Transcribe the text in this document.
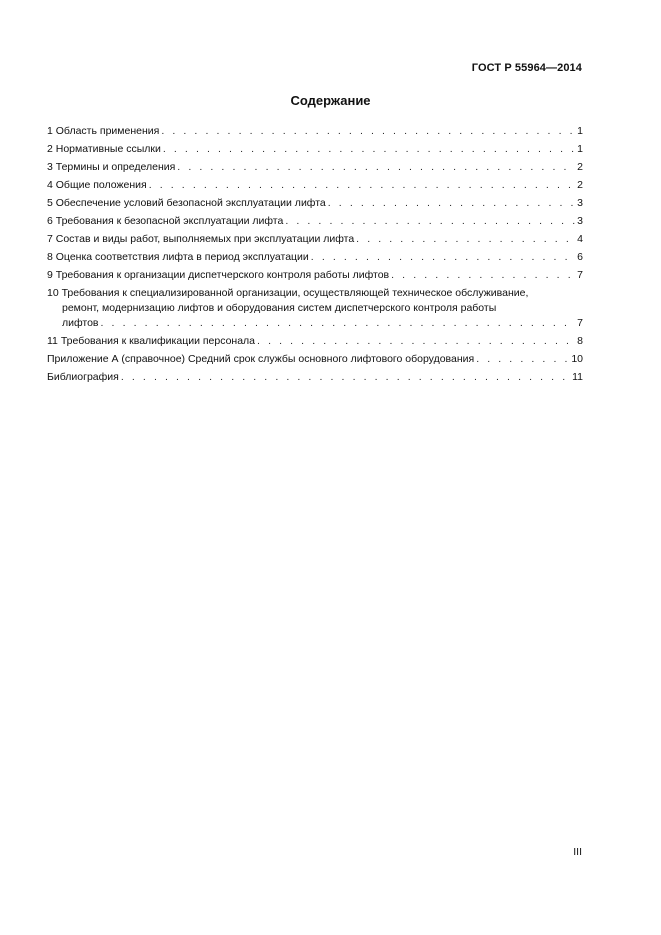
ГОСТ Р 55964—2014
Содержание
1 Область применения . . .	1
2 Нормативные ссылки . . .	1
3 Термины и определения . . .	2
4 Общие положения . . .	2
5 Обеспечение условий безопасной эксплуатации лифта . . .	3
6 Требования к безопасной эксплуатации лифта . . .	3
7 Состав и виды работ, выполняемых при эксплуатации лифта . . .	4
8 Оценка соответствия лифта в период эксплуатации . . .	6
9 Требования к организации диспетчерского контроля работы лифтов . . .	7
10 Требования к специализированной организации, осуществляющей техническое обслуживание,
ремонт, модернизацию лифтов и оборудования систем диспетчерского контроля работы
лифтов . . .	7
11 Требования к квалификации персонала . . .	8
Приложение А (справочное) Средний срок службы основного лифтового оборудования . . .	10
Библиография . . .	11
III
